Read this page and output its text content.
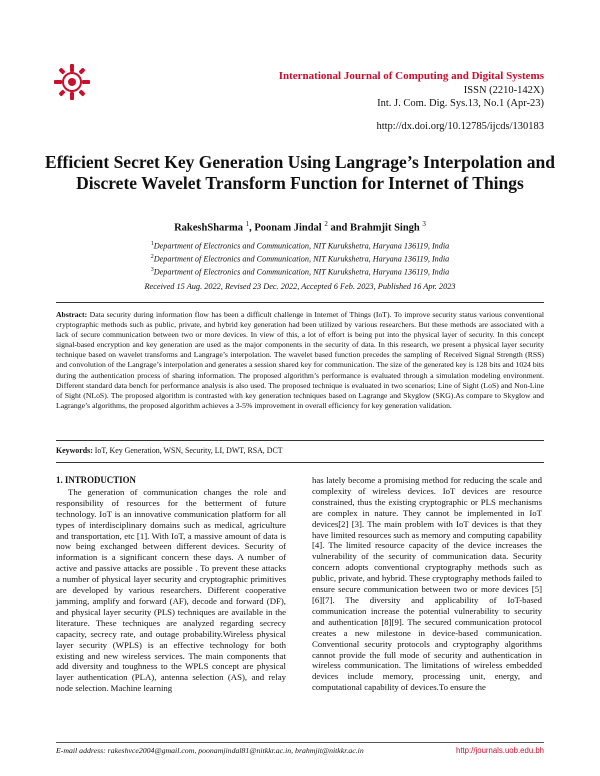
International Journal of Computing and Digital Systems
ISSN (2210-142X)
Int. J. Com. Dig. Sys.13, No.1 (Apr-23)
http://dx.doi.org/10.12785/ijcds/130183
Efficient Secret Key Generation Using Langrage’s Interpolation and Discrete Wavelet Transform Function for Internet of Things
RakeshSharma $^1$, Poonam Jindal $^2$ and Brahmjit Singh $^3$
$^1$Department of Electronics and Communication, NIT Kurukshetra, Haryana 136119, India
$^2$Department of Electronics and Communication, NIT Kurukshetra, Haryana 136119, India
$^3$Department of Electronics and Communication, NIT Kurukshetra, Haryana 136119, India
Received 15 Aug. 2022, Revised 23 Dec. 2022, Accepted 6 Feb. 2023, Published 16 Apr. 2023
Abstract: Data security during information flow has been a difficult challenge in Internet of Things (IoT). To improve security status various conventional cryptographic methods such as public, private, and hybrid key generation had been utilized by various researchers. But these methods are associated with a lack of secure communication between two or more devices. In view of this, a lot of effort is being put into the physical layer of security. In this concept signal-based encryption and key generation are used as the major components in the security of data. In this research, we present a physical layer security technique based on wavelet transforms and Langrage’s interpolation. The wavelet based function precedes the sampling of Received Signal Strength (RSS) and convolution of the Langrage’s interpolation and generates a session shared key for communication. The size of the generated key is 128 bits and 1024 bits during the authentication process of sharing information. The proposed algorithm’s performance is evaluated through a simulation modeling environment. Different standard data bench for performance analysis is also used. The proposed technique is evaluated in two scenarios; Line of Sight (LoS) and Non-Line of Sight (NLoS). The proposed algorithm is contrasted with key generation techniques based on Lagrange and Skyglow (SKG).As compare to Skyglow and Lagrange’s algorithms, the proposed algorithm achieves a 3-5% improvement in overall efficiency for key generation validation.
Keywords: IoT, Key Generation, WSN, Security, LI, DWT, RSA, DCT
1. INTRODUCTION

The generation of communication changes the role and responsibility of resources for the betterment of future technology. IoT is an innovative communication platform for all types of interdisciplinary domains such as medical, agriculture and transportation, etc [1]. With IoT, a massive amount of data is now being exchanged between different devices. Security of information is a significant concern these days. A number of active and passive attacks are possible . To prevent these attacks a number of physical layer security and cryptographic primitives are developed by various researchers. Different cooperative jamming, amplify and forward (AF), decode and forward (DF), and physical layer security (PLS) techniques are available in the literature. These techniques are analyzed regarding secrecy capacity, secrecy rate, and outage probability.Wireless physical layer security (WPLS) is an effective technology for both existing and new wireless services. The main components that add diversity and toughness to the WPLS concept are physical layer authentication (PLA), antenna selection (AS), and relay node selection. Machine learning

has lately become a promising method for reducing the scale and complexity of wireless devices. IoT devices are resource constrained, thus the existing cryptographic or PLS mechanisms are complex in nature. They cannot be implemented in IoT devices[2] [3]. The main problem with IoT devices is that they have limited resources such as memory and computing capability [4]. The limited resource capacity of the device increases the vulnerability of the security of communication data. Security concern adopts conventional cryptography methods such as public, private, and hybrid. These cryptography methods failed to ensure secure communication between two or more devices [5][6][7]. The diversity and applicability of IoT-based communication increase the potential vulnerability to security and authentication [8][9]. The secured communication protocol creates a new milestone in device-based communication. Conventional security protocols and cryptography algorithms cannot provide the full mode of security and authentication in wireless communication. The limitations of wireless embedded devices include memory, processing unit, energy, and computational capability of devices.To ensure the

E-mail address: rakeshvce2004@gmail.com, poonamjindal81@nitkkr.ac.in, brahmjit@nitkkr.ac.in	http://journals.uob.edu.bh
